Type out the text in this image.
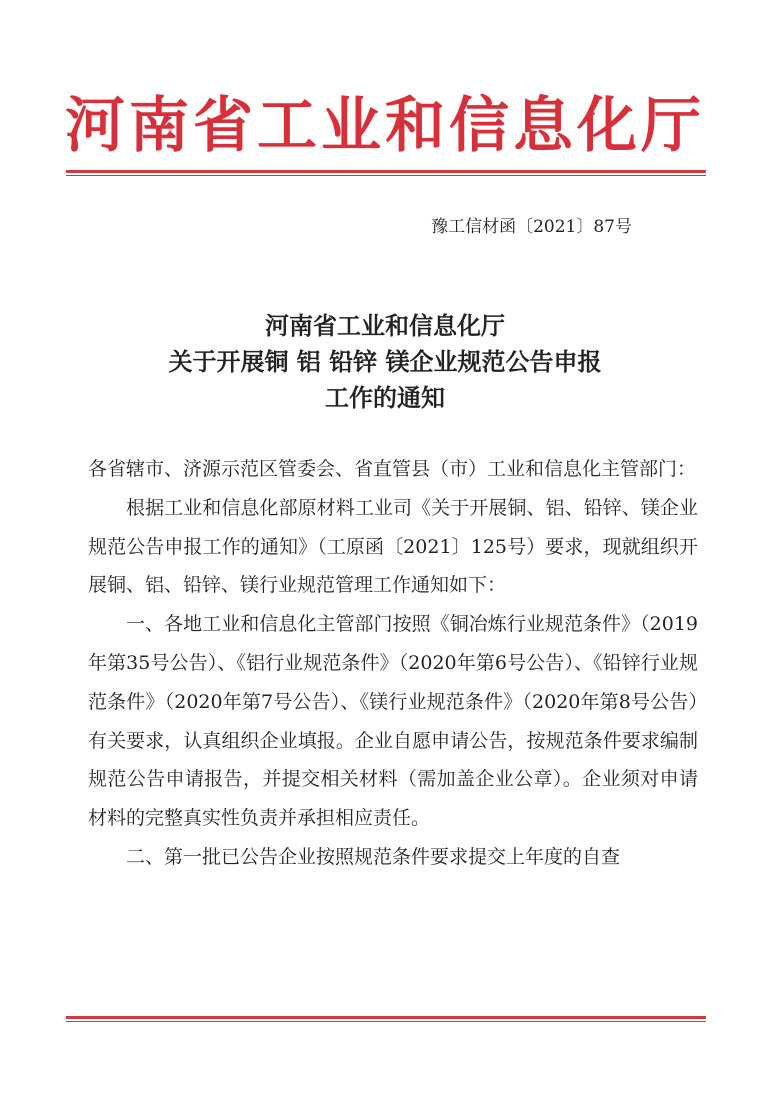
河南省工业和信息化厅
豫工信材函〔2021〕87号
河南省工业和信息化厅
关于开展铜 铝 铅锌 镁企业规范公告申报
工作的通知

各省辖市、济源示范区管委会、省直管县（市）工业和信息化主管部门：

根据工业和信息化部原材料工业司《关于开展铜、铝、铅锌、镁企业规范公告申报工作的通知》（工原函〔2021〕125号）要求，现就组织开展铜、铝、铅锌、镁行业规范管理工作通知如下：

一、各地工业和信息化主管部门按照《铜冶炼行业规范条件》（2019年第35号公告）、《铝行业规范条件》（2020年第6号公告）、《铅锌行业规范条件》（2020年第7号公告）、《镁行业规范条件》（2020年第8号公告）有关要求，认真组织企业填报。企业自愿申请公告，按规范条件要求编制规范公告申请报告，并提交相关材料（需加盖企业公章）。企业须对申请材料的完整真实性负责并承担相应责任。

二、第一批已公告企业按照规范条件要求提交上年度的自查
